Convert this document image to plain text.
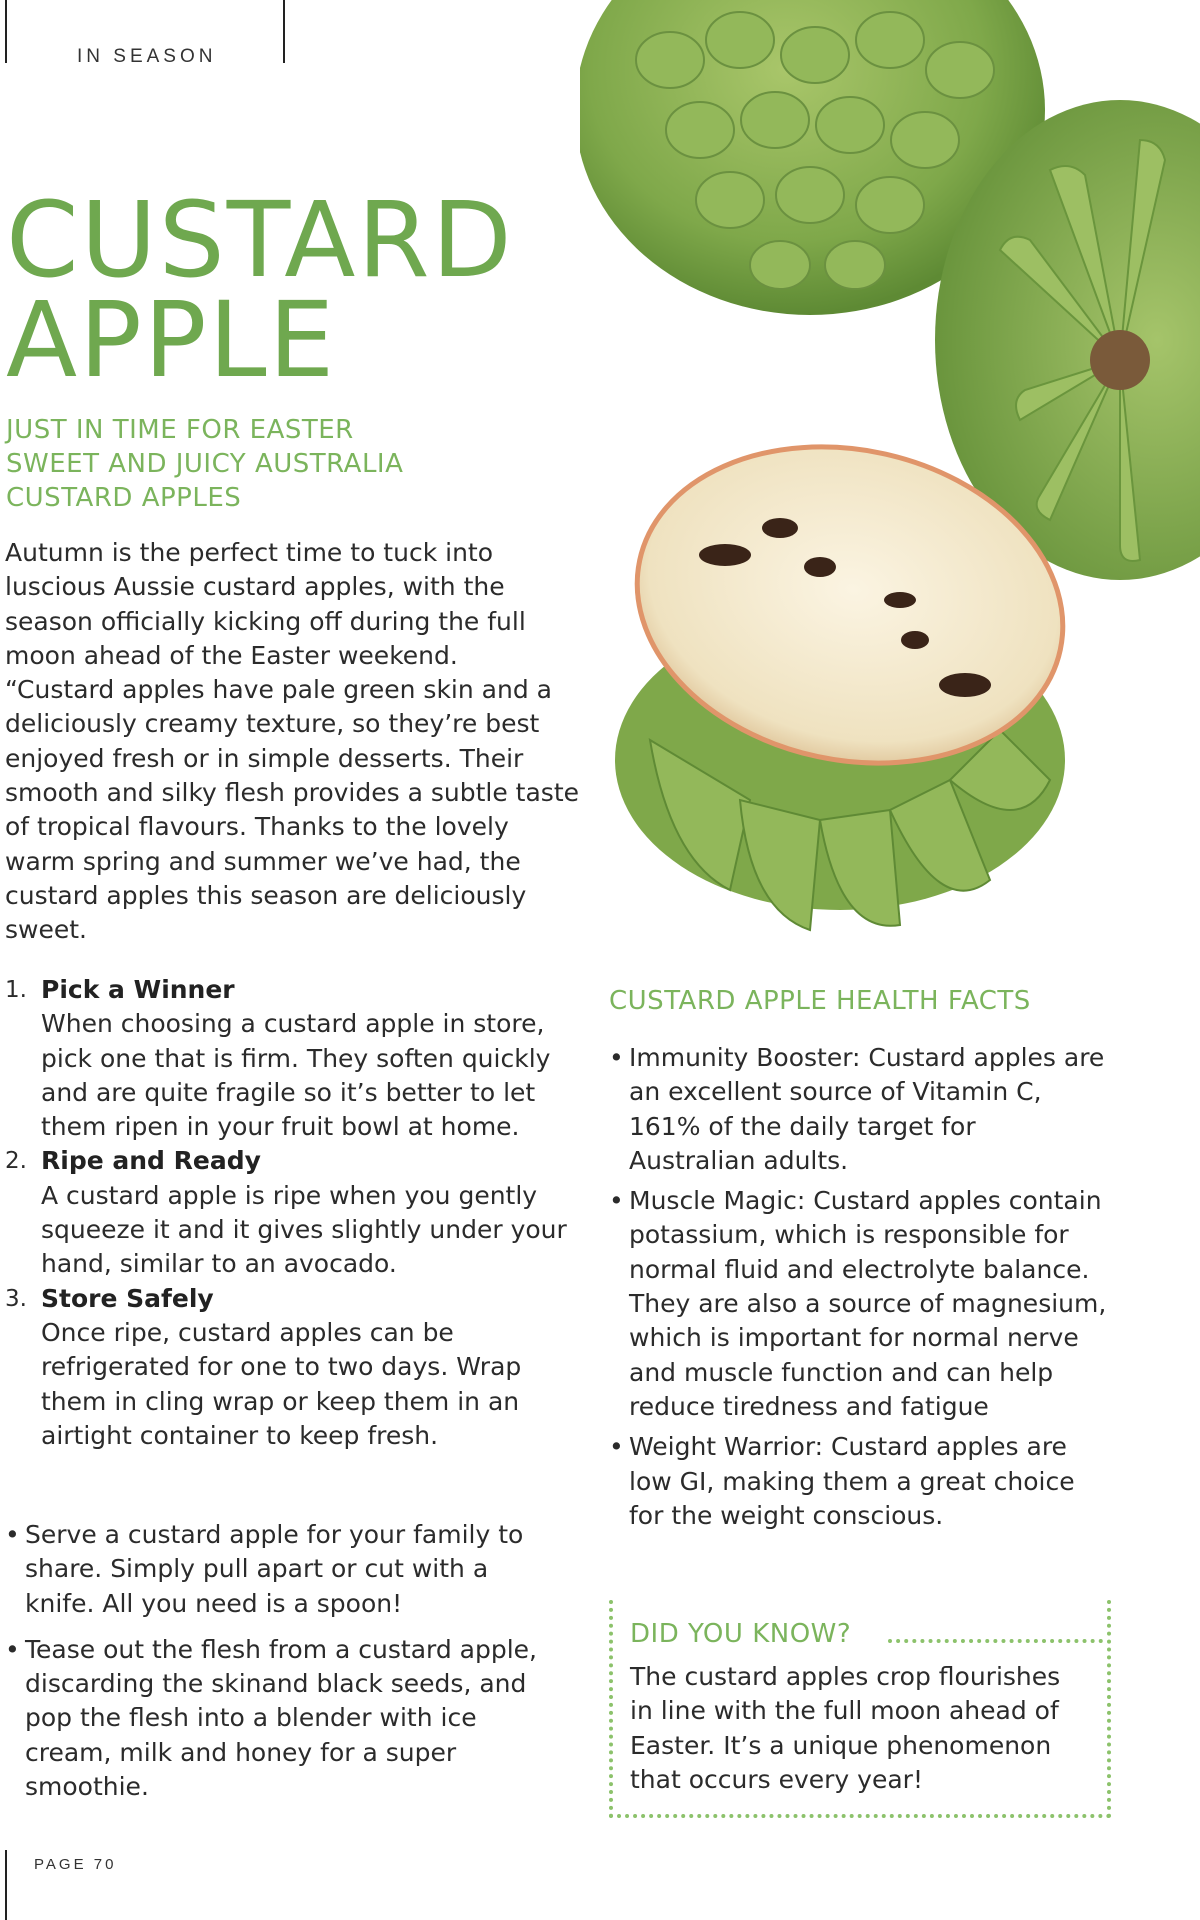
IN SEASON
CUSTARD
APPLE
JUST IN TIME FOR EASTER
SWEET AND JUICY AUSTRALIA
CUSTARD APPLES

Autumn is the perfect time to tuck into luscious Aussie custard apples, with the season officially kicking off during the full moon ahead of the Easter weekend.

“Custard apples have pale green skin and a deliciously creamy texture, so they’re best enjoyed fresh or in simple desserts. Their smooth and silky flesh provides a subtle taste of tropical flavours. Thanks to the lovely warm spring and summer we’ve had, the custard apples this season are deliciously sweet.

1. Pick a Winner
When choosing a custard apple in store, pick one that is firm. They soften quickly and are quite fragile so it’s better to let them ripen in your fruit bowl at home.
2. Ripe and Ready
A custard apple is ripe when you gently squeeze it and it gives slightly under your hand, similar to an avocado.
3. Store Safely
Once ripe, custard apples can be refrigerated for one to two days. Wrap them in cling wrap or keep them in an airtight container to keep fresh.
• Serve a custard apple for your family to share. Simply pull apart or cut with a knife. All you need is a spoon!
• Tease out the flesh from a custard apple, discarding the skinand black seeds, and pop the flesh into a blender with ice cream, milk and honey for a super smoothie.
CUSTARD APPLE HEALTH FACTS
• Immunity Booster: Custard apples are an excellent source of Vitamin C, 161% of the daily target for Australian adults.
• Muscle Magic: Custard apples contain potassium, which is responsible for normal fluid and electrolyte balance. They are also a source of magnesium, which is important for normal nerve and muscle function and can help reduce tiredness and fatigue
• Weight Warrior: Custard apples are low GI, making them a great choice for the weight conscious.
DID YOU KNOW?
The custard apples crop flourishes in line with the full moon ahead of Easter. It’s a unique phenomenon that occurs every year!
PAGE 70
